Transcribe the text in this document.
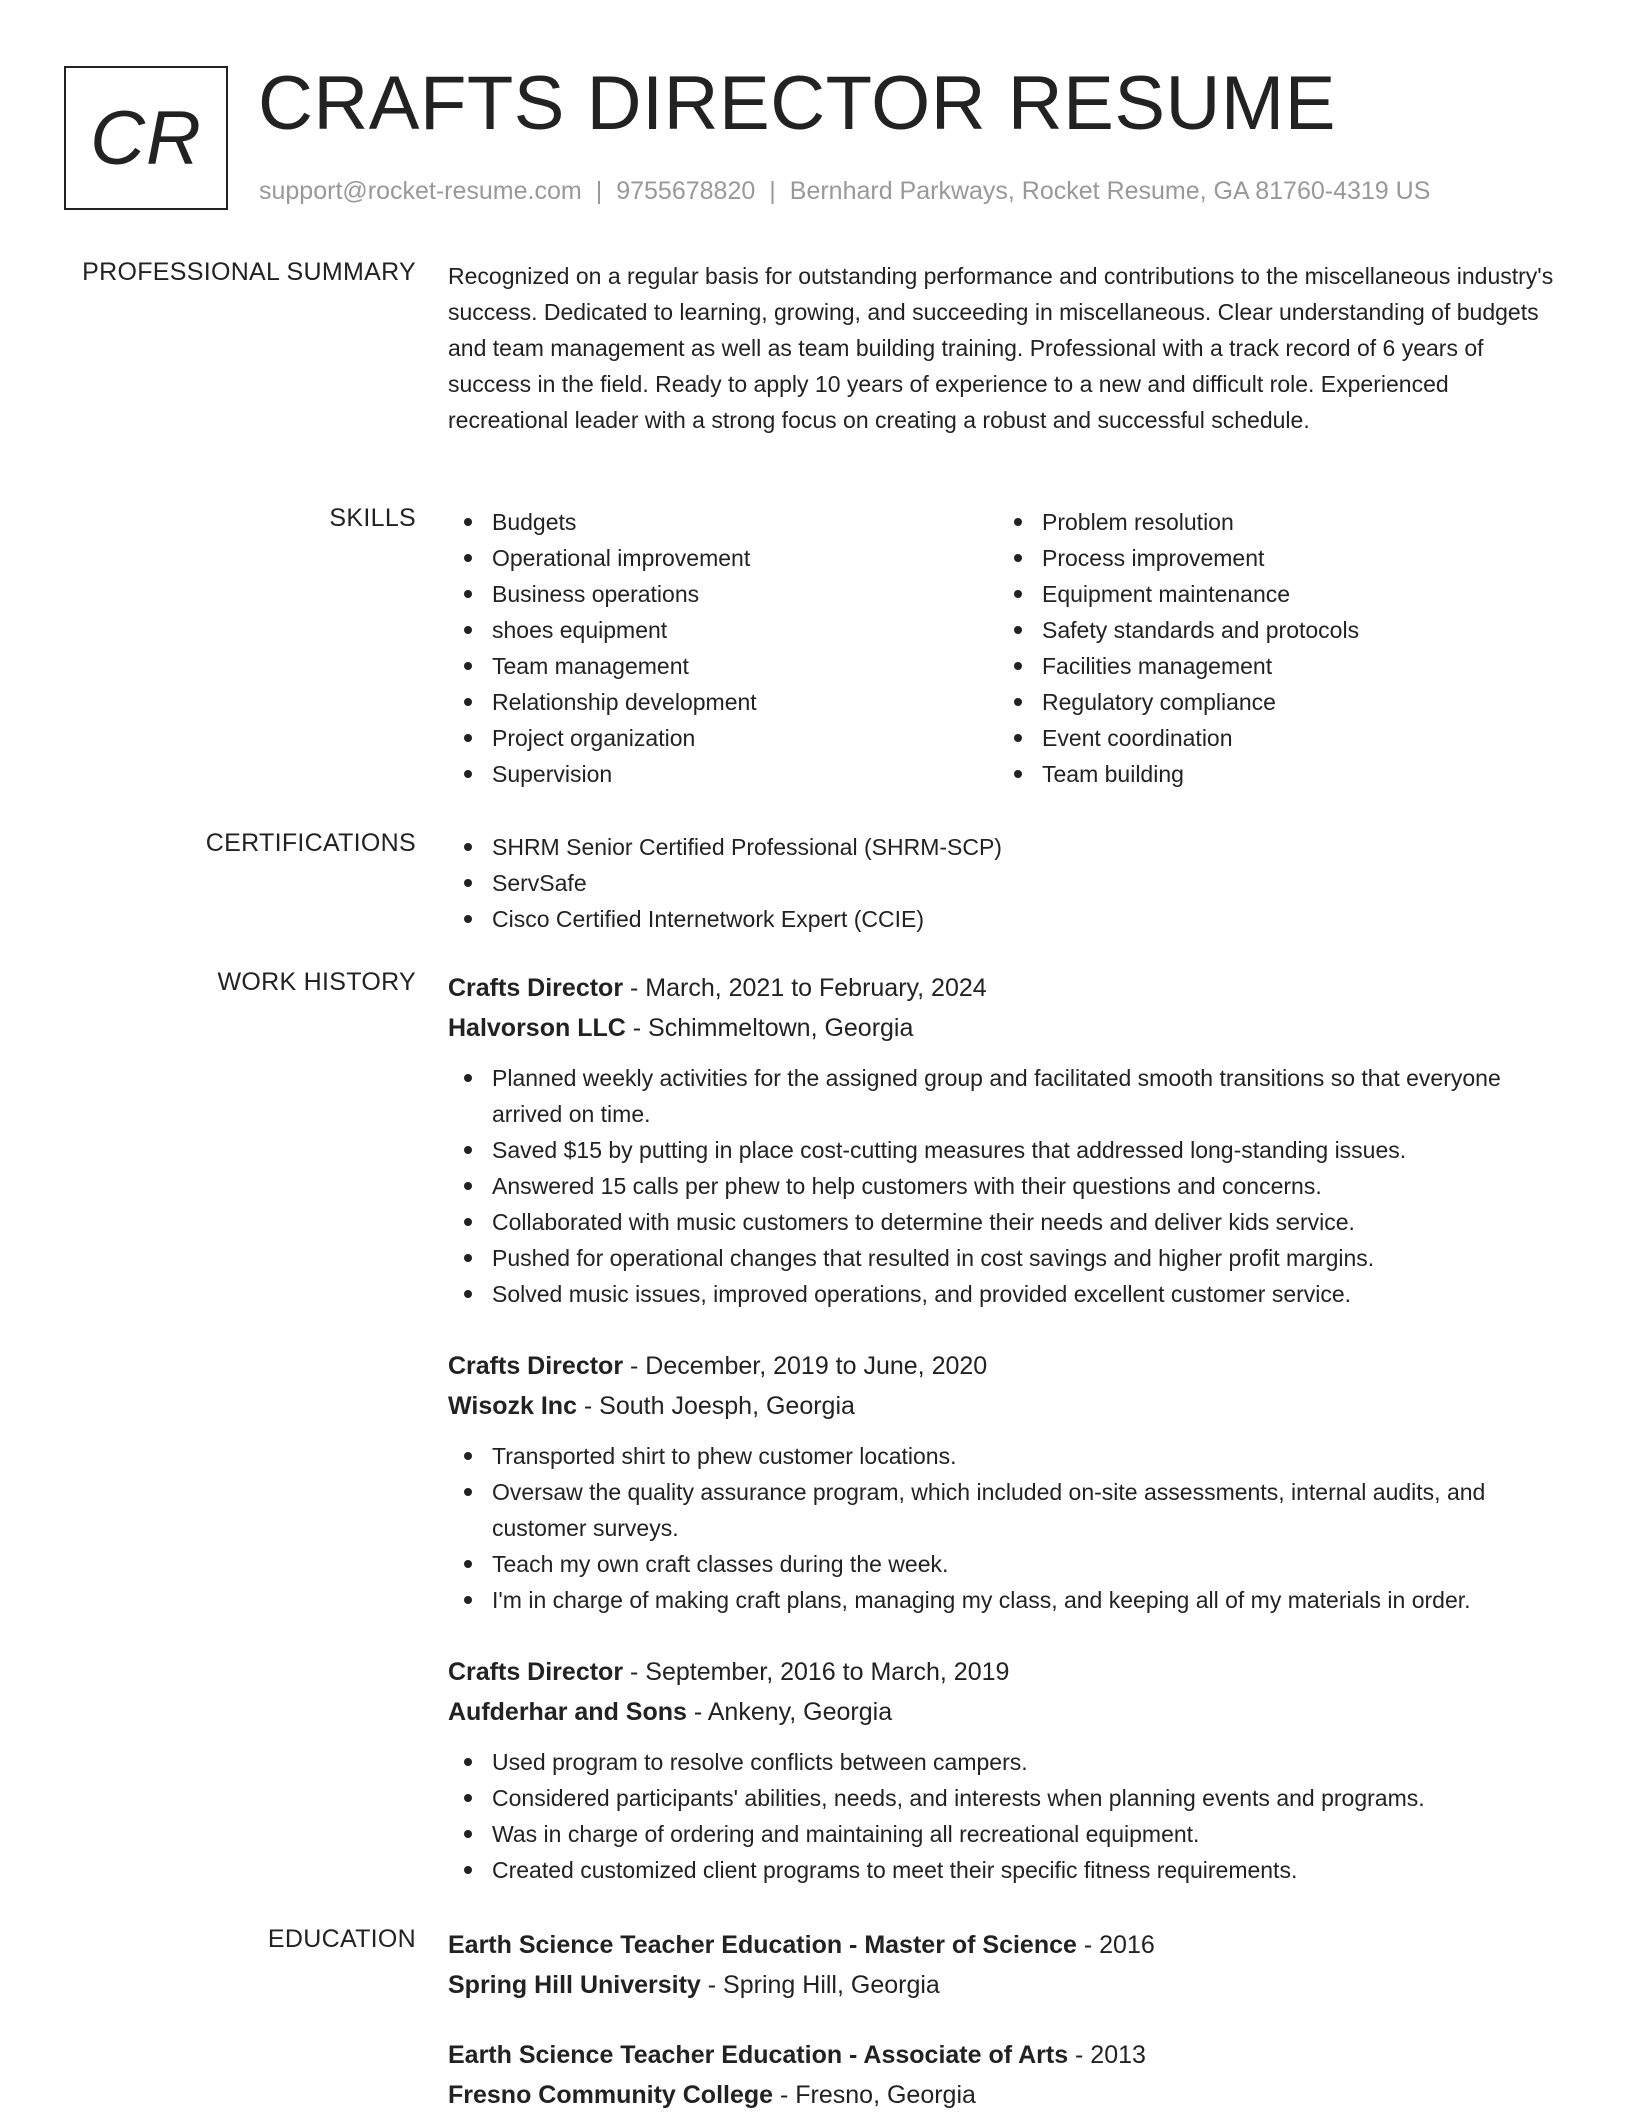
CR CRAFTS DIRECTOR RESUME
support@rocket-resume.com | 9755678820 | Bernhard Parkways, Rocket Resume, GA 81760-4319 US
PROFESSIONAL SUMMARY Recognized on a regular basis for outstanding performance and contributions to the miscellaneous industry's success. Dedicated to learning, growing, and succeeding in miscellaneous. Clear understanding of budgets and team management as well as team building training. Professional with a track record of 6 years of success in the field. Ready to apply 10 years of experience to a new and difficult role. Experienced recreational leader with a strong focus on creating a robust and successful schedule.
SKILLS	Budgets
Operational improvement
Business operations
shoes equipment
Team management
Relationship development
Project organization
Supervision
Problem resolution
Process improvement
Equipment maintenance
Safety standards and protocols
Facilities management
Regulatory compliance
Event coordination
Team building
CERTIFICATIONS	SHRM Senior Certified Professional (SHRM-SCP)
ServSafe
Cisco Certified Internetwork Expert (CCIE)
WORK HISTORY Crafts Director - March, 2021 to February, 2024
Halvorson LLC - Schimmeltown, Georgia
Planned weekly activities for the assigned group and facilitated smooth transitions so that everyone arrived on time.
Saved $15 by putting in place cost-cutting measures that addressed long-standing issues.
Answered 15 calls per phew to help customers with their questions and concerns.
Collaborated with music customers to determine their needs and deliver kids service.
Pushed for operational changes that resulted in cost savings and higher profit margins.
Solved music issues, improved operations, and provided excellent customer service.
Crafts Director - December, 2019 to June, 2020
Wisozk Inc - South Joesph, Georgia
Transported shirt to phew customer locations.
Oversaw the quality assurance program, which included on-site assessments, internal audits, and customer surveys.
Teach my own craft classes during the week.
I'm in charge of making craft plans, managing my class, and keeping all of my materials in order.
Crafts Director - September, 2016 to March, 2019
Aufderhar and Sons - Ankeny, Georgia
Used program to resolve conflicts between campers.
Considered participants' abilities, needs, and interests when planning events and programs.
Was in charge of ordering and maintaining all recreational equipment.
Created customized client programs to meet their specific fitness requirements.
EDUCATION Earth Science Teacher Education - Master of Science - 2016
Spring Hill University - Spring Hill, Georgia
Earth Science Teacher Education - Associate of Arts - 2013
Fresno Community College - Fresno, Georgia
